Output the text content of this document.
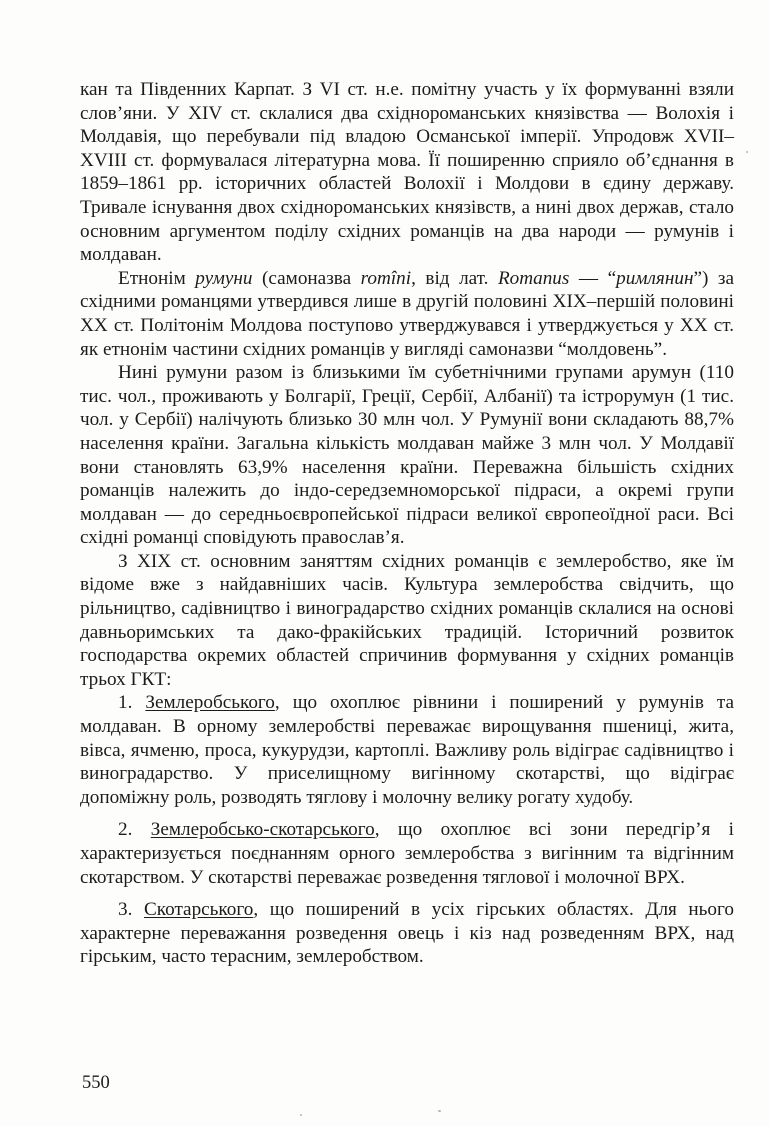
кан та Південних Карпат. З VI ст. н.е. помітну участь у їх формуванні взяли слов’яни. У XIV ст. склалися два східнороманських князівства — Волохія і Молдавія, що перебували під владою Османської імперії. Упродовж XVII–XVIII ст. формувалася літературна мова. Її поширенню сприяло об’єднання в 1859–1861 рр. історичних областей Волохії і Молдови в єдину державу. Тривале існування двох східнороманських князівств, а нині двох держав, стало основним аргументом поділу східних романців на два народи — румунів і молдаван.

Етнонім румуни (самоназва romîni, від лат. Romanus — “римлянин”) за східними романцями утвердився лише в другій половині XIX–першій половині XX ст. Політонім Молдова поступово утверджувався і утверджується у XX ст. як етнонім частини східних романців у вигляді самоназви “молдовень”.

Нині румуни разом із близькими їм субетнічними групами арумун (110 тис. чол., проживають у Болгарії, Греції, Сербії, Албанії) та істрорумун (1 тис. чол. у Сербії) налічують близько 30 млн чол. У Румунії вони складають 88,7% населення країни. Загальна кількість молдаван майже 3 млн чол. У Молдавії вони становлять 63,9% населення країни. Переважна більшість східних романців належить до індо-середземноморської підраси, а окремі групи молдаван — до середньоєвропейської підраси великої європеоїдної раси. Всі східні романці сповідують православ’я.

З XIX ст. основним заняттям східних романців є землеробство, яке їм відоме вже з найдавніших часів. Культура землеробства свідчить, що рільництво, садівництво і виноградарство східних романців склалися на основі давньоримських та дако-фракійських традицій. Історичний розвиток господарства окремих областей спричинив формування у східних романців трьох ГКТ:

1. Землеробського, що охоплює рівнини і поширений у румунів та молдаван. В орному землеробстві переважає вирощування пшениці, жита, вівса, ячменю, проса, кукурудзи, картоплі. Важливу роль відіграє садівництво і виноградарство. У приселищному вигінному скотарстві, що відіграє допоміжну роль, розводять тяглову і молочну велику рогату худобу.

2. Землеробсько-скотарського, що охоплює всі зони передгір’я і характеризується поєднанням орного землеробства з вигінним та відгінним скотарством. У скотарстві переважає розведення тяглової і молочної ВРХ.

3. Скотарського, що поширений в усіх гірських областях. Для нього характерне переважання розведення овець і кіз над розведенням ВРХ, над гірським, часто терасним, землеробством.

550
